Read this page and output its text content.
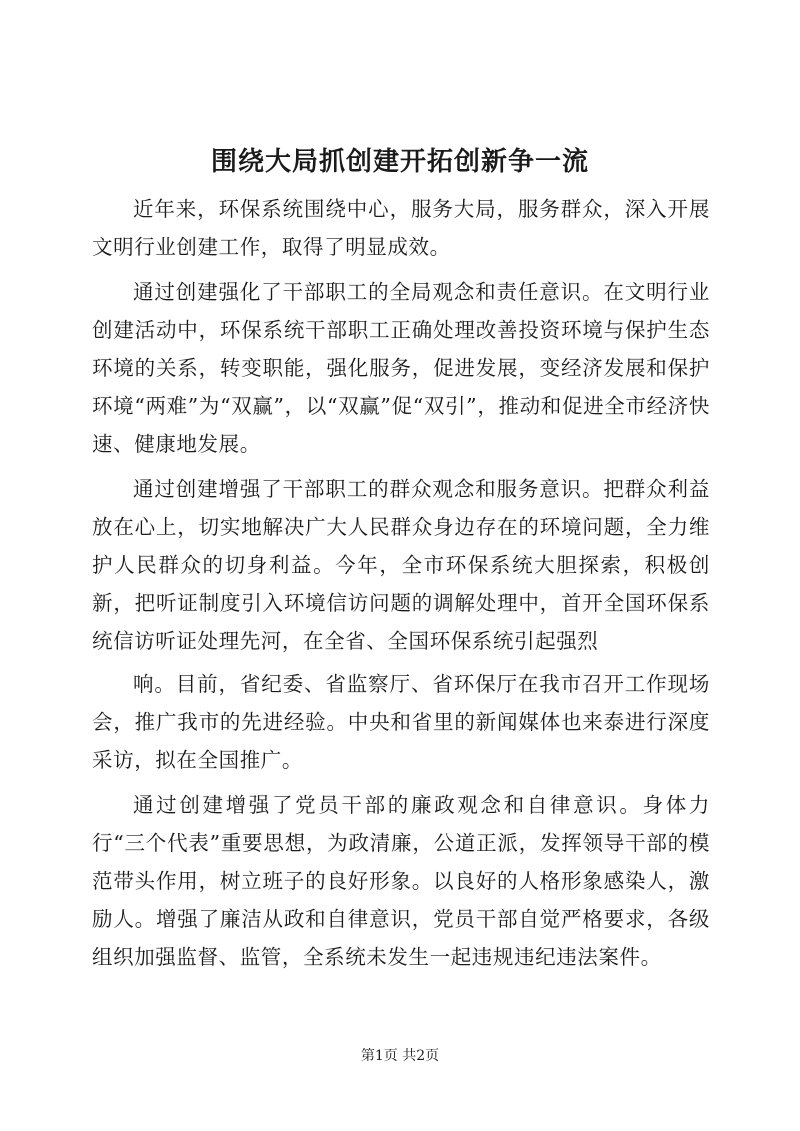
围绕大局抓创建开拓创新争一流

近年来，环保系统围绕中心，服务大局，服务群众，深入开展文明行业创建工作，取得了明显成效。

通过创建强化了干部职工的全局观念和责任意识。在文明行业创建活动中，环保系统干部职工正确处理改善投资环境与保护生态环境的关系，转变职能，强化服务，促进发展，变经济发展和保护环境“两难”为“双赢”，以“双赢”促“双引”，推动和促进全市经济快速、健康地发展。

通过创建增强了干部职工的群众观念和服务意识。把群众利益放在心上，切实地解决广大人民群众身边存在的环境问题，全力维护人民群众的切身利益。今年，全市环保系统大胆探索，积极创新，把听证制度引入环境信访问题的调解处理中，首开全国环保系统信访听证处理先河，在全省、全国环保系统引起强烈

响。目前，省纪委、省监察厅、省环保厅在我市召开工作现场会，推广我市的先进经验。中央和省里的新闻媒体也来泰进行深度采访，拟在全国推广。

通过创建增强了党员干部的廉政观念和自律意识。身体力行“三个代表”重要思想，为政清廉，公道正派，发挥领导干部的模范带头作用，树立班子的良好形象。以良好的人格形象感染人，激励人。增强了廉洁从政和自律意识，党员干部自觉严格要求，各级组织加强监督、监管，全系统未发生一起违规违纪违法案件。

第1页 共2页
